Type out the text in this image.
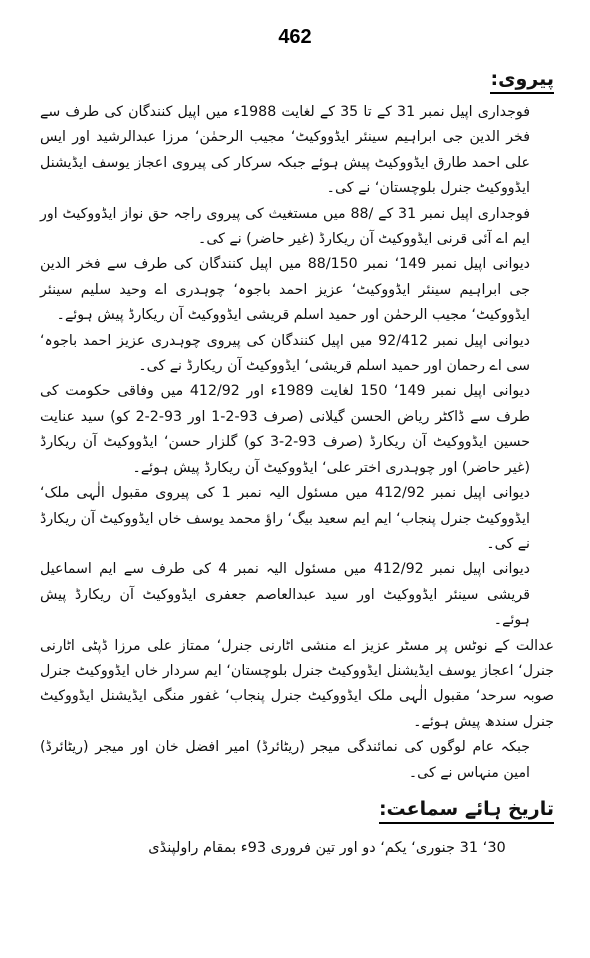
462
پیروی:

فوجداری اپیل نمبر 31 کے تا 35 کے لغایت 1988ء میں اپیل کنندگان کی طرف سے فخر الدین جی ابراہیم سینئر ایڈووکیٹ‘ مجیب الرحمٰن‘ مرزا عبدالرشید اور ایس علی احمد طارق ایڈووکیٹ پیش ہوئے جبکہ سرکار کی پیروی اعجاز یوسف ایڈیشنل ایڈووکیٹ جنرل بلوچستان‘ نے کی۔

فوجداری اپیل نمبر 31 کے /88 میں مستغیث کی پیروی راجہ حق نواز ایڈووکیٹ اور ایم اے آئی قرنی ایڈووکیٹ آن ریکارڈ (غیر حاضر) نے کی۔

دیوانی اپیل نمبر 149‘ نمبر 88/150 میں اپیل کنندگان کی طرف سے فخر الدین جی ابراہیم سینئر ایڈووکیٹ‘ عزیز احمد باجوہ‘ چوہدری اے وحید سلیم سینئر ایڈووکیٹ‘ مجیب الرحمٰن اور حمید اسلم قریشی ایڈووکیٹ آن ریکارڈ پیش ہوئے۔

دیوانی اپیل نمبر 92/412 میں اپیل کنندگان کی پیروی چوہدری عزیز احمد باجوہ‘ سی اے رحمان اور حمید اسلم قریشی‘ ایڈووکیٹ آن ریکارڈ نے کی۔

دیوانی اپیل نمبر 149‘ 150 لغایت 1989ء اور 412/92 میں وفاقی حکومت کی طرف سے ڈاکٹر ریاض الحسن گیلانی (صرف 93-2-1 اور 93-2-2 کو) سید عنایت حسین ایڈووکیٹ آن ریکارڈ (صرف 93-2-3 کو) گلزار حسن‘ ایڈووکیٹ آن ریکارڈ (غیر حاضر) اور چوہدری اختر علی‘ ایڈووکیٹ آن ریکارڈ پیش ہوئے۔

دیوانی اپیل نمبر 412/92 میں مسئول الیہ نمبر 1 کی پیروی مقبول الٰہی ملک‘ ایڈووکیٹ جنرل پنجاب‘ ایم ایم سعید بیگ‘ راؤ محمد یوسف خاں ایڈووکیٹ آن ریکارڈ نے کی۔

دیوانی اپیل نمبر 412/92 میں مسئول الیہ نمبر 4 کی طرف سے ایم اسماعیل قریشی سینئر ایڈووکیٹ اور سید عبدالعاصم جعفری ایڈووکیٹ آن ریکارڈ پیش ہوئے۔

عدالت کے نوٹس پر مسٹر عزیز اے منشی اٹارنی جنرل‘ ممتاز علی مرزا ڈپٹی اٹارنی جنرل‘ اعجاز یوسف ایڈیشنل ایڈووکیٹ جنرل بلوچستان‘ ایم سردار خاں ایڈووکیٹ جنرل صوبہ سرحد‘ مقبول الٰہی ملک ایڈووکیٹ جنرل پنجاب‘ غفور منگی ایڈیشنل ایڈووکیٹ جنرل سندھ پیش ہوئے۔

جبکہ عام لوگوں کی نمائندگی میجر (ریٹائرڈ) امیر افضل خان اور میجر (ریٹائرڈ) امین منہاس نے کی۔

تاریخ ہائے سماعت:
30‘ 31 جنوری‘ یکم‘ دو اور تین فروری 93ء بمقام راولپنڈی
